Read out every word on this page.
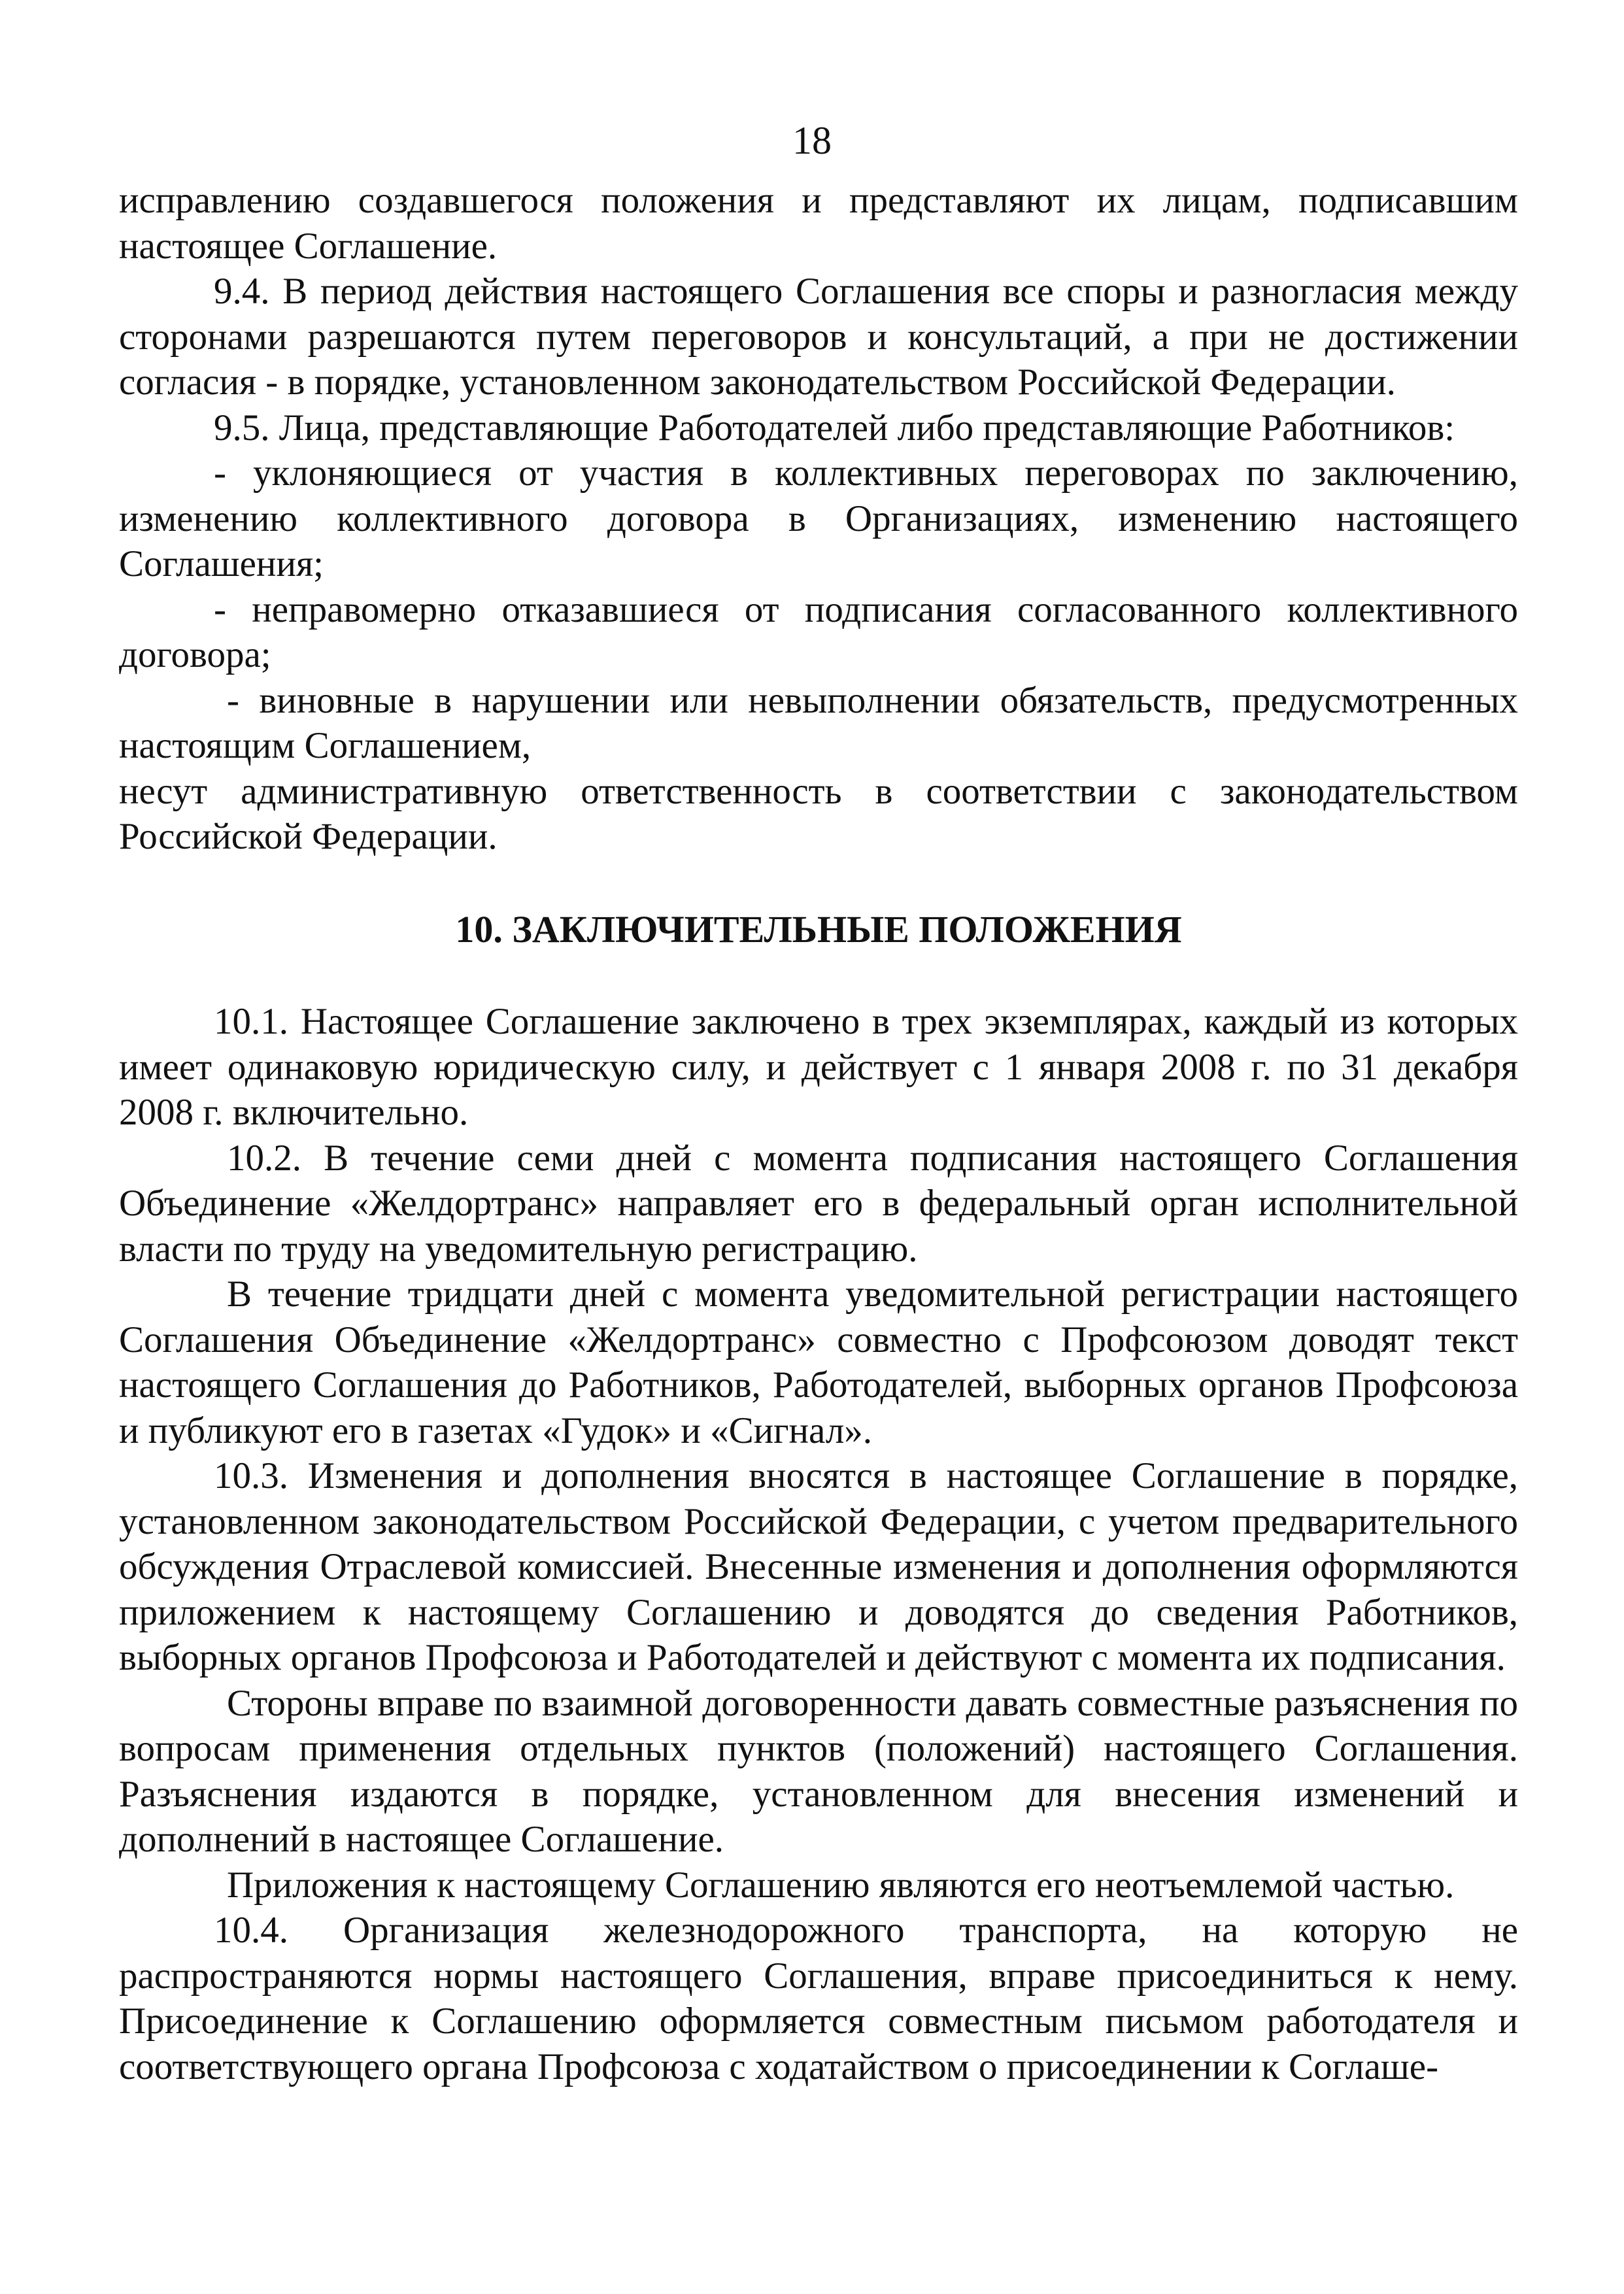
18

исправлению создавшегося положения и представляют их лицам, подписавшим настоящее Соглашение.

9.4. В период действия настоящего Соглашения все споры и разногласия между сторонами разрешаются путем переговоров и консультаций, а при не достижении согласия - в порядке, установленном законодательством Российской Федерации.

9.5. Лица, представляющие Работодателей либо представляющие Работников:

- уклоняющиеся от участия в коллективных переговорах по заключению, изменению коллективного договора в Организациях, изменению настоящего Соглашения;

- неправомерно отказавшиеся от подписания согласованного коллективного договора;

- виновные в нарушении или невыполнении обязательств, предусмотренных настоящим Соглашением,

несут административную ответственность в соответствии с законодательством Российской Федерации.

10. ЗАКЛЮЧИТЕЛЬНЫЕ ПОЛОЖЕНИЯ

10.1. Настоящее Соглашение заключено в трех экземплярах, каждый из которых имеет одинаковую юридическую силу, и действует с 1 января 2008 г. по 31 декабря 2008 г. включительно.

10.2. В течение семи дней с момента подписания настоящего Соглашения Объединение «Желдортранс» направляет его в федеральный орган исполнительной власти по труду на уведомительную регистрацию.

В течение тридцати дней с момента уведомительной регистрации настоящего Соглашения Объединение «Желдортранс» совместно с Профсоюзом доводят текст настоящего Соглашения до Работников, Работодателей, выборных органов Профсоюза и публикуют его в газетах «Гудок» и «Сигнал».

10.3. Изменения и дополнения вносятся в настоящее Соглашение в порядке, установленном законодательством Российской Федерации, с учетом предварительного обсуждения Отраслевой комиссией. Внесенные изменения и дополнения оформляются приложением к настоящему Соглашению и доводятся до сведения Работников, выборных органов Профсоюза и Работодателей и действуют с момента их подписания.

Стороны вправе по взаимной договоренности давать совместные разъяснения по вопросам применения отдельных пунктов (положений) настоящего Соглашения. Разъяснения издаются в порядке, установленном для внесения изменений и дополнений в настоящее Соглашение.

Приложения к настоящему Соглашению являются его неотъемлемой частью.

10.4. Организация железнодорожного транспорта, на которую не распространяются нормы настоящего Соглашения, вправе присоединиться к нему. Присоединение к Соглашению оформляется совместным письмом работодателя и соответствующего органа Профсоюза с ходатайством о присоединении к Соглаше-
